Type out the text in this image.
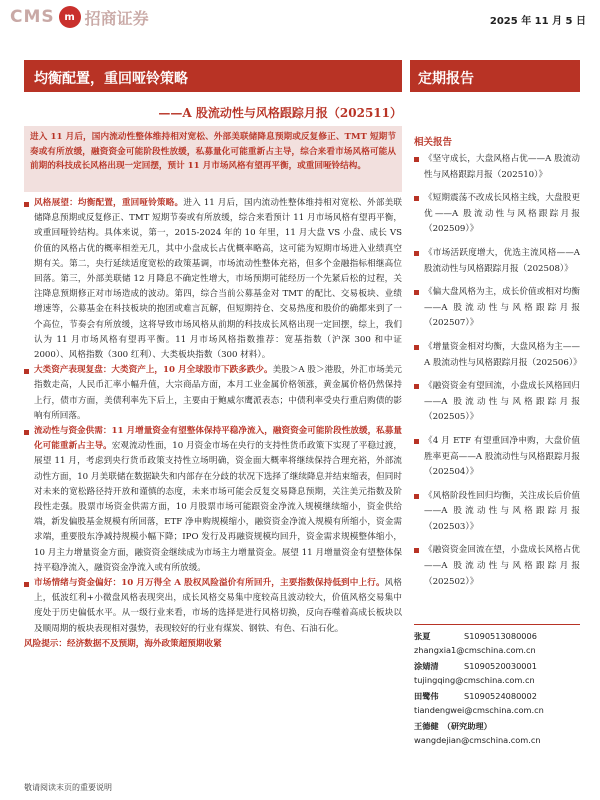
CMS m 招商证券	2025 年 11 月 5 日
均衡配置，重回哑铃策略	定期报告
——A 股流动性与风格跟踪月报（202511）

进入 11 月后，国内流动性整体维持相对宽松、外部美联储降息预期或反复修正、TMT 短期节奏或有所放缓，融资资金可能阶段性放缓，私募量化可能重新占主导，综合来看市场风格可能从前期的科技成长风格出现一定回摆，预计 11 月市场风格有望再平衡，或重回哑铃结构。

风格展望：均衡配置，重回哑铃策略。进入 11 月后，国内流动性整体维持相对宽松、外部美联储降息预期或反复修正、TMT 短期节奏或有所放缓，综合来看预计 11 月市场风格有望再平衡，或重回哑铃结构。具体来说，第一，2015-2024 年的 10 年里，11 月大盘 VS 小盘、成长 VS 价值的风格占优的概率相差无几，其中小盘成长占优概率略高，这可能为短期市场进入业绩真空期有关。第二，央行延续适度宽松的政策基调，市场流动性整体充裕，但多个金融指标相继高位回落。第三，外部美联储 12 月降息不确定性增大，市场预期可能经历一个先紧后松的过程，关注降息预期修正对市场造成的波动。第四，综合当前公募基金对 TMT 的配比、交易板块、业绩增速等，公募基金在科技板块的抱团或难言瓦解，但短期持仓、交易热度和股价的确都来到了一个高位，节奏会有所放缓，这将导致市场风格从前期的科技成长风格出现一定回摆，综上，我们认为 11 月市场风格有望再平衡。11 月市场风格指数推荐：宽基指数（沪深 300 和中证 2000）、风格指数（300 红利）、大类板块指数（300 材料）。

大类资产表现复盘：大类资产上，10 月全球股市下跌多跌少。美股＞A 股＞港股，外汇市场美元指数走高，人民币汇率小幅升值，大宗商品方面，本月工业金属价格领涨，黄金属价格仍然保持上行，债市方面，美债利率先下后上，主要由于鲍威尔鹰派表态；中债利率受央行重启购债的影响有所回落。

流动性与资金供需：11 月增量资金有望整体保持平稳净流入，融资资金可能阶段性放缓，私募量化可能重新占主导。宏观流动性面，10 月资金市场在央行的支持性货币政策下实现了平稳过渡，展望 11 月，考虑到央行货币政策支持性立场明确，资金面大概率将继续保持合理充裕，外部流动性方面，10 月美联储在数据缺失和内部存在分歧的状况下选择了继续降息并结束缩表，但同时对未来的宽松路径持开放和谨慎的态度，未来市场可能会反复交易降息预期，关注美元指数及阶段性走强。股票市场资金供需方面，10 月股票市场可能跟资金净流入规模继续缩小，资金供给端，新发偏股基金规模有所回落，ETF 净申购规模缩小，融资资金净流入规模有所缩小，资金需求端，重要股东净减持规模小幅下降；IPO 发行及再融资规模均回升，资金需求规模整体缩小，10 月主力增量资金方面，融资资金继续成为市场主力增量资金。展望 11 月增量资金有望整体保持平稳净流入，融资资金净流入或有所放缓。

市场情绪与资金偏好：10 月万得全 A 股权风险溢价有所回升，主要指数保持低到中上行。风格上，低波红利+小微盘风格表现突出，成长风格交易集中度较高且波动较大，价值风格交易集中度处于历史偏低水平。从一级行业来看，市场的选择是进行风格切换，反向吞噬着高成长板块以及顺周期的板块表现相对强势，表现较好的行业有煤炭、钢铁、有色、石油石化。

风险提示：经济数据不及预期，海外政策超预期收紧
相关报告
《坚守成长，大盘风格占优——A 股流动性与风格跟踪月报（202510）》
《短期震荡不改成长风格主线，大盘股更优——A 股流动性与风格跟踪月报（202509）》
《市场活跃度增大，优选主流风格——A 股流动性与风格跟踪月报（202508）》
《偏大盘风格为主，成长价值或相对均衡——A 股流动性与风格跟踪月报（202507）》
《增量资金相对均衡，大盘风格为主——A 股流动性与风格跟踪月报（202506）》
《融资资金有望回流，小盘成长风格回归——A 股流动性与风格跟踪月报（202505）》
《4 月 ETF 有望重回净申购，大盘价值胜率更高——A 股流动性与风格跟踪月报（202504）》
《风格阶段性回归均衡，关注成长后价值——A 股流动性与风格跟踪月报（202503）》
《融资资金回流在望，小盘成长风格占优——A 股流动性与风格跟踪月报（202502）》
张夏	S1090513080006
zhangxia1@cmschina.com.cn
涂婧清	S1090520030001
tujingqing@cmschina.com.cn
田鹭伟	S1090524080002
tiandengwei@cmschina.com.cn
王德健　（研究助理）
wangdejian@cmschina.com.cn
敬请阅读末页的重要说明
